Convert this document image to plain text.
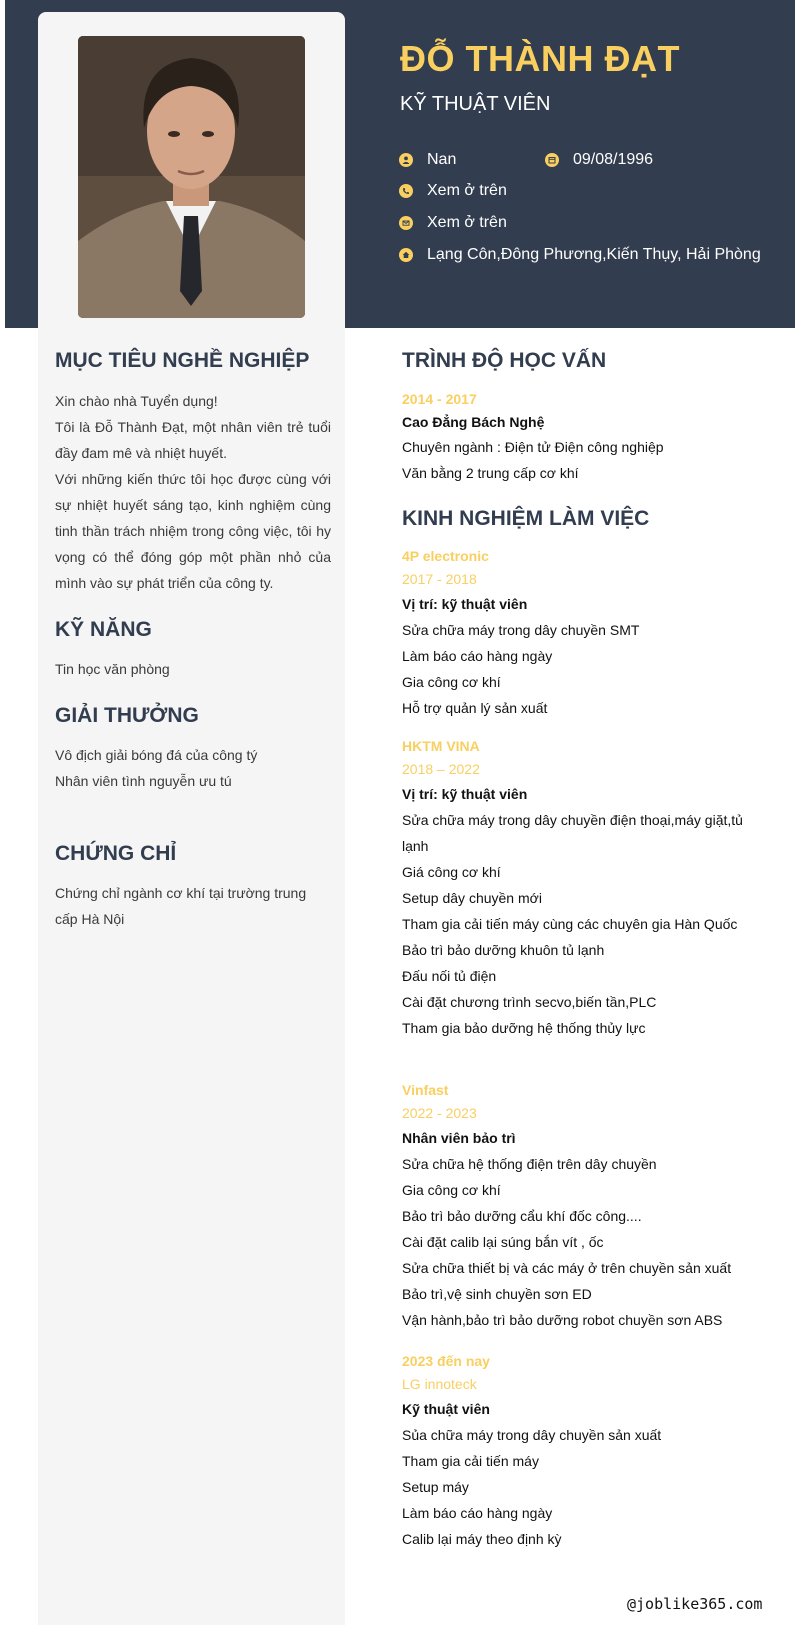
ĐỖ THÀNH ĐẠT
KỸ THUẬT VIÊN
Nan	09/08/1996
Xem ở trên
Xem ở trên
Lạng Côn,Đông Phương,Kiến Thụy, Hải Phòng
MỤC TIÊU NGHỀ NGHIỆP

Xin chào nhà Tuyển dụng!

Tôi là Đỗ Thành Đạt, một nhân viên trẻ tuổi đầy đam mê và nhiệt huyết.

Với những kiến thức tôi học được cùng với sự nhiệt huyết sáng tạo, kinh nghiệm cùng tinh thần trách nhiệm trong công việc, tôi hy vọng có thể đóng góp một phần nhỏ của mình vào sự phát triển của công ty.

KỸ NĂNG

Tin học văn phòng

GIẢI THƯỞNG

Vô địch giải bóng đá của công tý

Nhân viên tình nguyễn ưu tú

CHỨNG CHỈ

Chứng chỉ ngành cơ khí tại trường trung cấp Hà Nội

TRÌNH ĐỘ HỌC VẤN

2014 - 2017

Cao Đẳng Bách Nghệ

Chuyên ngành : Điện tử Điện công nghiệp

Văn bằng 2 trung cấp cơ khí

KINH NGHIỆM LÀM VIỆC

4P electronic

2017 - 2018

Vị trí: kỹ thuật viên

Sửa chữa máy trong dây chuyền SMT

Làm báo cáo hàng ngày

Gia công cơ khí

Hỗ trợ quản lý sản xuất

HKTM VINA

2018 – 2022

Vị trí: kỹ thuật viên

Sửa chữa máy trong dây chuyền điện thoại,máy giặt,tủ lạnh

Giá công cơ khí

Setup dây chuyền mới

Tham gia cải tiến máy cùng các chuyên gia Hàn Quốc

Bảo trì bảo dưỡng khuôn tủ lạnh

Đấu nối tủ điện

Cài đặt chương trình secvo,biến tần,PLC

Tham gia bảo dưỡng hệ thống thủy lực

Vinfast

2022 - 2023

Nhân viên bảo trì

Sửa chữa hệ thống điện trên dây chuyền

Gia công cơ khí

Bảo trì bảo dưỡng cẩu khí đốc công....

Cài đặt calib lại súng bắn vít , ốc

Sửa chữa thiết bị và các máy ở trên chuyền sản xuất

Bảo trì,vệ sinh chuyền sơn ED

Vận hành,bảo trì bảo dưỡng robot chuyền sơn ABS

2023 đến nay

LG innoteck

Kỹ thuật viên

Sủa chữa máy trong dây chuyền sản xuất

Tham gia cải tiến máy

Setup máy

Làm báo cáo hàng ngày

Calib lại máy theo định kỳ

@joblike365.com
